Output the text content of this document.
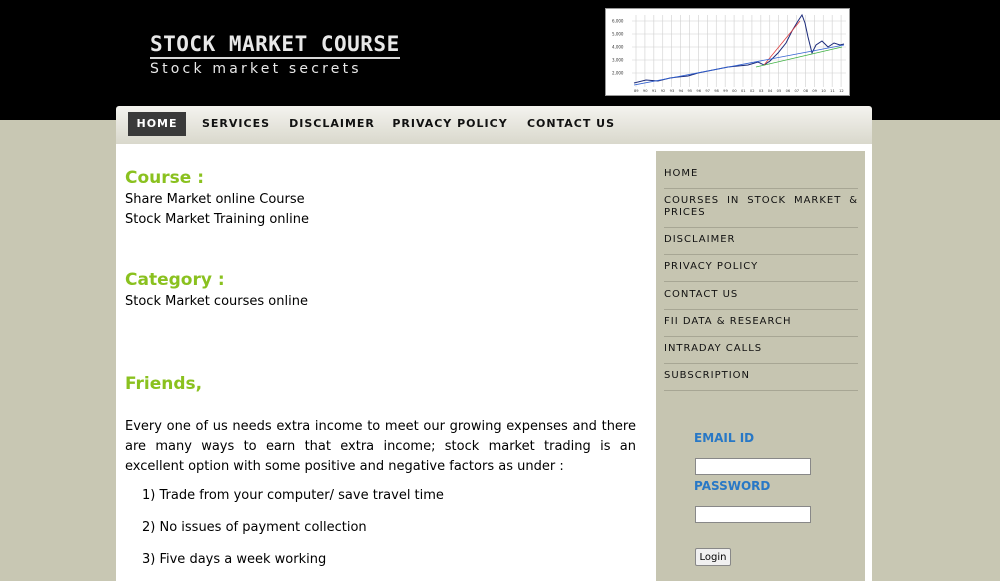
STOCK MARKET COURSE
Stock market secrets
6,000
5,000
4,000
3,000
2,000
89 90 91 92 93 94 95 96 97 98 99 00 01 02 03 04 05 06 07 08 09 10 11 12
HOME	SERVICES	DISCLAIMER PRIVACY POLICY CONTACT US
Course :
Share Market online Course
Stock Market Training online
Category :
Stock Market courses online
Friends,
Every one of us needs extra income to meet our growing expenses and there are many ways to earn that extra income; stock market trading is an excellent option with some positive and negative factors as under :
1) Trade from your computer/ save travel time
2) No issues of payment collection
3) Five days a week working
HOME
COURSES IN STOCK MARKET & PRICES
DISCLAIMER
PRIVACY POLICY
CONTACT US
FII DATA & RESEARCH
INTRADAY CALLS
SUBSCRIPTION
EMAIL ID
PASSWORD
Login
